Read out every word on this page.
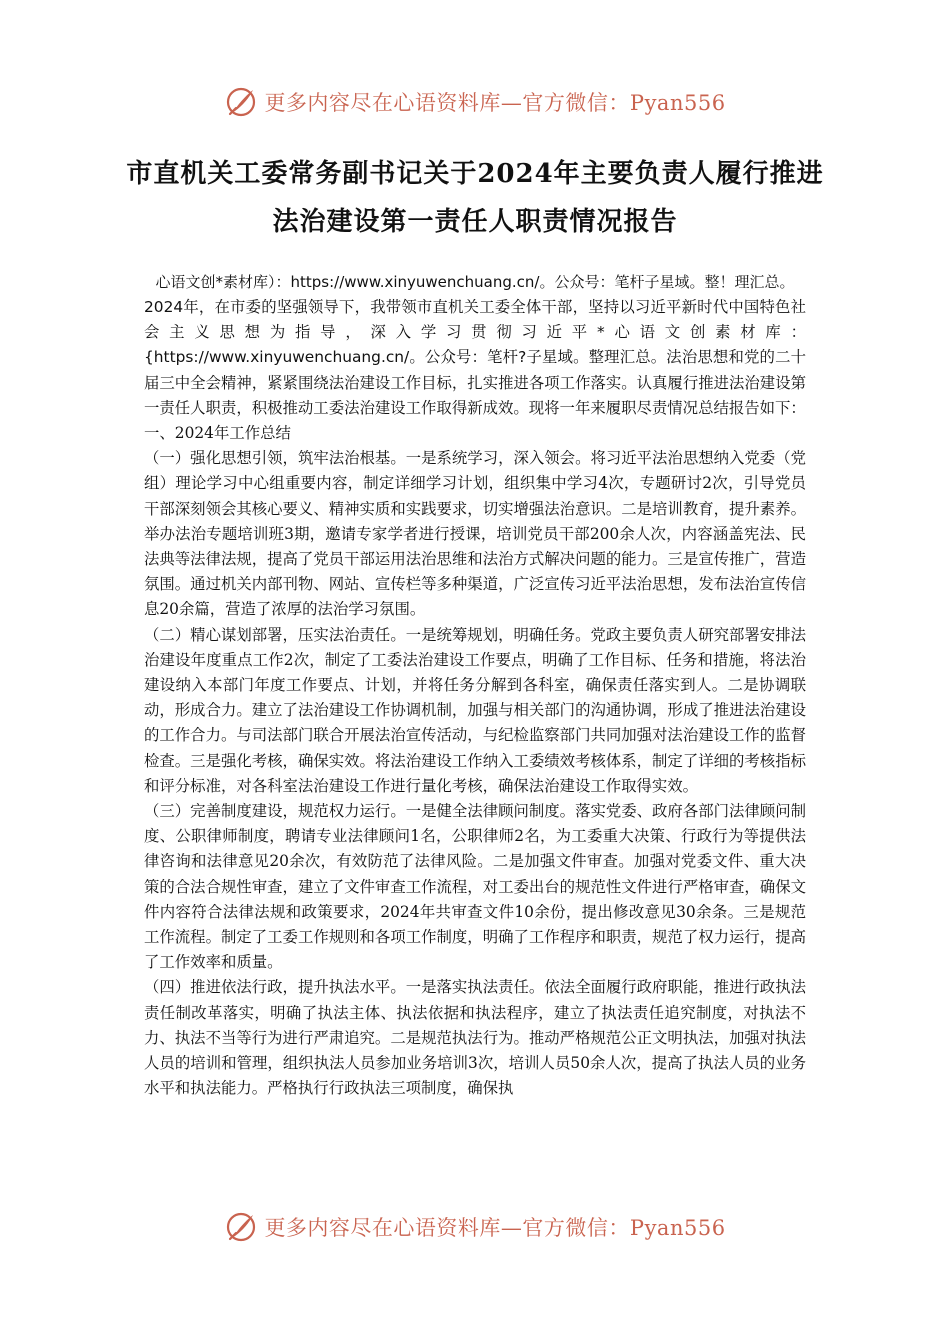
更多内容尽在心语资料库—官方微信：Pyan556
市直机关工委常务副书记关于2024年主要负责人履行推进法治建设第一责任人职责情况报告

心语文创*素材库）：https://www.xinyuwenchuang.cn/。公众号：笔杆子星域。整！理汇总。

2024年，在市委的坚强领导下，我带领市直机关工委全体干部，坚持以习近平新时代中国特色社会主义思想为指导，深入学习贯彻习近平*心语文创素材库：{https://www.xinyuwenchuang.cn/。公众号：笔杆?子星域。整理汇总。法治思想和党的二十届三中全会精神，紧紧围绕法治建设工作目标，扎实推进各项工作落实。认真履行推进法治建设第一责任人职责，积极推动工委法治建设工作取得新成效。现将一年来履职尽责情况总结报告如下：

一、2024年工作总结

（一）强化思想引领，筑牢法治根基。一是系统学习，深入领会。将习近平法治思想纳入党委（党组）理论学习中心组重要内容，制定详细学习计划，组织集中学习4次，专题研讨2次，引导党员干部深刻领会其核心要义、精神实质和实践要求，切实增强法治意识。二是培训教育，提升素养。举办法治专题培训班3期，邀请专家学者进行授课，培训党员干部200余人次，内容涵盖宪法、民法典等法律法规，提高了党员干部运用法治思维和法治方式解决问题的能力。三是宣传推广，营造氛围。通过机关内部刊物、网站、宣传栏等多种渠道，广泛宣传习近平法治思想，发布法治宣传信息20余篇，营造了浓厚的法治学习氛围。

（二）精心谋划部署，压实法治责任。一是统筹规划，明确任务。党政主要负责人研究部署安排法治建设年度重点工作2次，制定了工委法治建设工作要点，明确了工作目标、任务和措施，将法治建设纳入本部门年度工作要点、计划，并将任务分解到各科室，确保责任落实到人。二是协调联动，形成合力。建立了法治建设工作协调机制，加强与相关部门的沟通协调，形成了推进法治建设的工作合力。与司法部门联合开展法治宣传活动，与纪检监察部门共同加强对法治建设工作的监督检查。三是强化考核，确保实效。将法治建设工作纳入工委绩效考核体系，制定了详细的考核指标和评分标准，对各科室法治建设工作进行量化考核，确保法治建设工作取得实效。

（三）完善制度建设，规范权力运行。一是健全法律顾问制度。落实党委、政府各部门法律顾问制度、公职律师制度，聘请专业法律顾问1名，公职律师2名，为工委重大决策、行政行为等提供法律咨询和法律意见20余次，有效防范了法律风险。二是加强文件审查。加强对党委文件、重大决策的合法合规性审查，建立了文件审查工作流程，对工委出台的规范性文件进行严格审查，确保文件内容符合法律法规和政策要求，2024年共审查文件10余份，提出修改意见30余条。三是规范工作流程。制定了工委工作规则和各项工作制度，明确了工作程序和职责，规范了权力运行，提高了工作效率和质量。

（四）推进依法行政，提升执法水平。一是落实执法责任。依法全面履行政府职能，推进行政执法责任制改革落实，明确了执法主体、执法依据和执法程序，建立了执法责任追究制度，对执法不力、执法不当等行为进行严肃追究。二是规范执法行为。推动严格规范公正文明执法，加强对执法人员的培训和管理，组织执法人员参加业务培训3次，培训人员50余人次，提高了执法人员的业务水平和执法能力。严格执行行政执法三项制度，确保执

更多内容尽在心语资料库—官方微信：Pyan556
